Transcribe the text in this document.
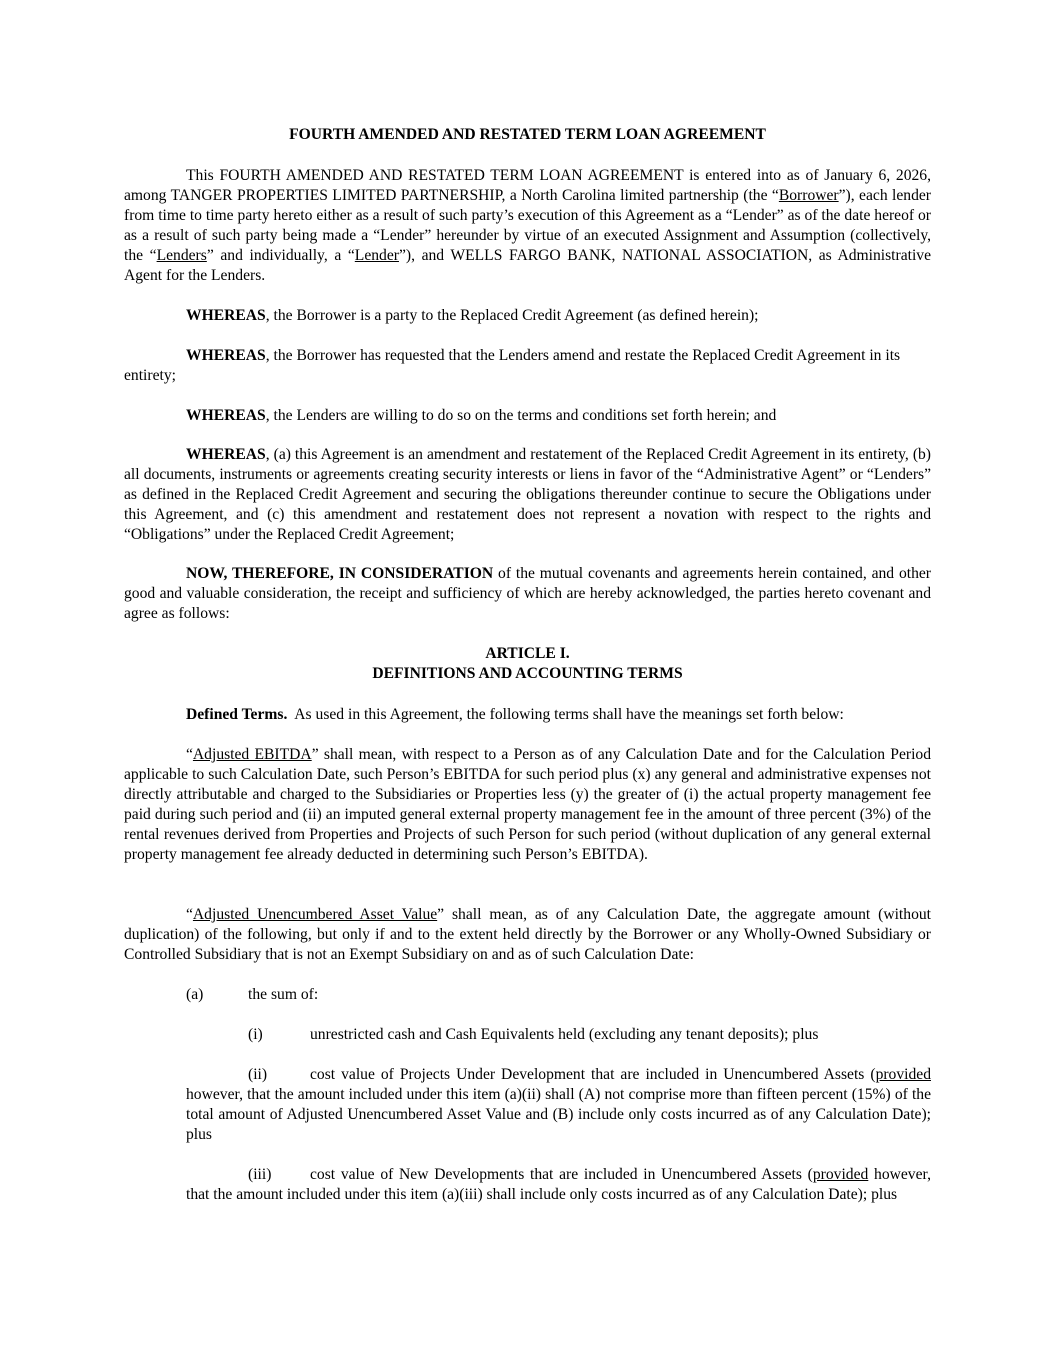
FOURTH AMENDED AND RESTATED TERM LOAN AGREEMENT

This FOURTH AMENDED AND RESTATED TERM LOAN AGREEMENT is entered into as of January 6, 2026, among TANGER PROPERTIES LIMITED PARTNERSHIP, a North Carolina limited partnership (the “Borrower”), each lender from time to time party hereto either as a result of such party’s execution of this Agreement as a “Lender” as of the date hereof or as a result of such party being made a “Lender” hereunder by virtue of an executed Assignment and Assumption (collectively, the “Lenders” and individually, a “Lender”), and WELLS FARGO BANK, NATIONAL ASSOCIATION, as Administrative Agent for the Lenders.

WHEREAS, the Borrower is a party to the Replaced Credit Agreement (as defined herein);

WHEREAS, the Borrower has requested that the Lenders amend and restate the Replaced Credit Agreement in its entirety;

WHEREAS, the Lenders are willing to do so on the terms and conditions set forth herein; and

WHEREAS, (a) this Agreement is an amendment and restatement of the Replaced Credit Agreement in its entirety, (b) all documents, instruments or agreements creating security interests or liens in favor of the “Administrative Agent” or “Lenders” as defined in the Replaced Credit Agreement and securing the obligations thereunder continue to secure the Obligations under this Agreement, and (c) this amendment and restatement does not represent a novation with respect to the rights and “Obligations” under the Replaced Credit Agreement;

NOW, THEREFORE, IN CONSIDERATION of the mutual covenants and agreements herein contained, and other good and valuable consideration, the receipt and sufficiency of which are hereby acknowledged, the parties hereto covenant and agree as follows:

ARTICLE I.
DEFINITIONS AND ACCOUNTING TERMS

Defined Terms.  As used in this Agreement, the following terms shall have the meanings set forth below:

“Adjusted EBITDA” shall mean, with respect to a Person as of any Calculation Date and for the Calculation Period applicable to such Calculation Date, such Person’s EBITDA for such period plus (x) any general and administrative expenses not directly attributable and charged to the Subsidiaries or Properties less (y) the greater of (i) the actual property management fee paid during such period and (ii) an imputed general external property management fee in the amount of three percent (3%) of the rental revenues derived from Properties and Projects of such Person for such period (without duplication of any general external property management fee already deducted in determining such Person’s EBITDA).

“Adjusted Unencumbered Asset Value” shall mean, as of any Calculation Date, the aggregate amount (without duplication) of the following, but only if and to the extent held directly by the Borrower or any Wholly-Owned Subsidiary or Controlled Subsidiary that is not an Exempt Subsidiary on and as of such Calculation Date:

(a)	the sum of:
(i)	unrestricted cash and Cash Equivalents held (excluding any tenant deposits); plus

(ii)	cost value of Projects Under Development that are included in Unencumbered Assets (provided however, that the amount included under this item (a)(ii) shall (A) not comprise more than fifteen percent (15%) of the total amount of Adjusted Unencumbered Asset Value and (B) include only costs incurred as of any Calculation Date); plus

(iii) cost value of New Developments that are included in Unencumbered Assets (provided however, that the amount included under this item (a)(iii) shall include only costs incurred as of any Calculation Date); plus
